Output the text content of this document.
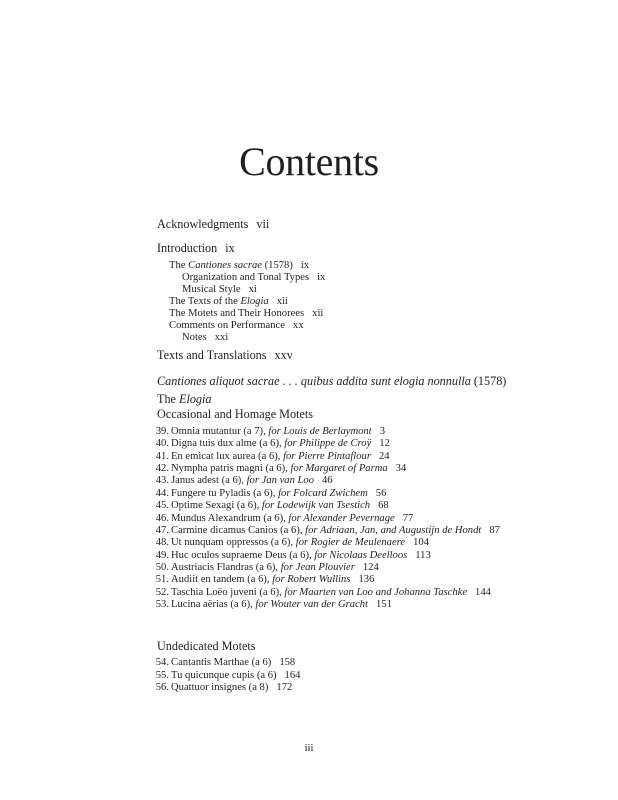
Contents
Acknowledgments vii
Introduction ix
The Cantiones sacrae (1578) ix
Organization and Tonal Types ix
Musical Style xi
The Texts of the Elogia xii
The Motets and Their Honorees xii
Comments on Performance xx
Notes xxi
Texts and Translations xxv
Cantiones aliquot sacrae . . . quibus addita sunt elogia nonnulla (1578)
The Elogia
Occasional and Homage Motets
39. Omnia mutantur (a 7), for Louis de Berlaymont 3
40. Digna tuis dux alme (a 6), for Philippe de Croÿ 12
41. En emicat lux aurea (a 6), for Pierre Pintaflour 24
42. Nympha patris magni (a 6), for Margaret of Parma 34
43. Janus adest (a 6), for Jan van Loo 46
44. Fungere tu Pyladis (a 6), for Folcard Zwichem 56
45. Optime Sexagi (a 6), for Lodewijk van Tsestich 68
46. Mundus Alexandrum (a 6), for Alexander Pevernage 77
47. Carmine dicamus Canios (a 6), for Adriaan, Jan, and Augustijn de Hondt 87
48. Ut nunquam oppressos (a 6), for Rogier de Meulenaere 104
49. Huc oculos supraeme Deus (a 6), for Nicolaas Deelloos 113
50. Austriacis Flandras (a 6), for Jean Plouvier 124
51. Audiit en tandem (a 6), for Robert Wullins 136
52. Taschia Loëo juveni (a 6), for Maarten van Loo and Johanna Taschke 144
53. Lucina aërias (a 6), for Wouter van der Gracht 151
Undedicated Motets
54. Cantantis Marthae (a 6) 158
55. Tu quicunque cupis (a 6) 164
56. Quattuor insignes (a 8) 172
iii
